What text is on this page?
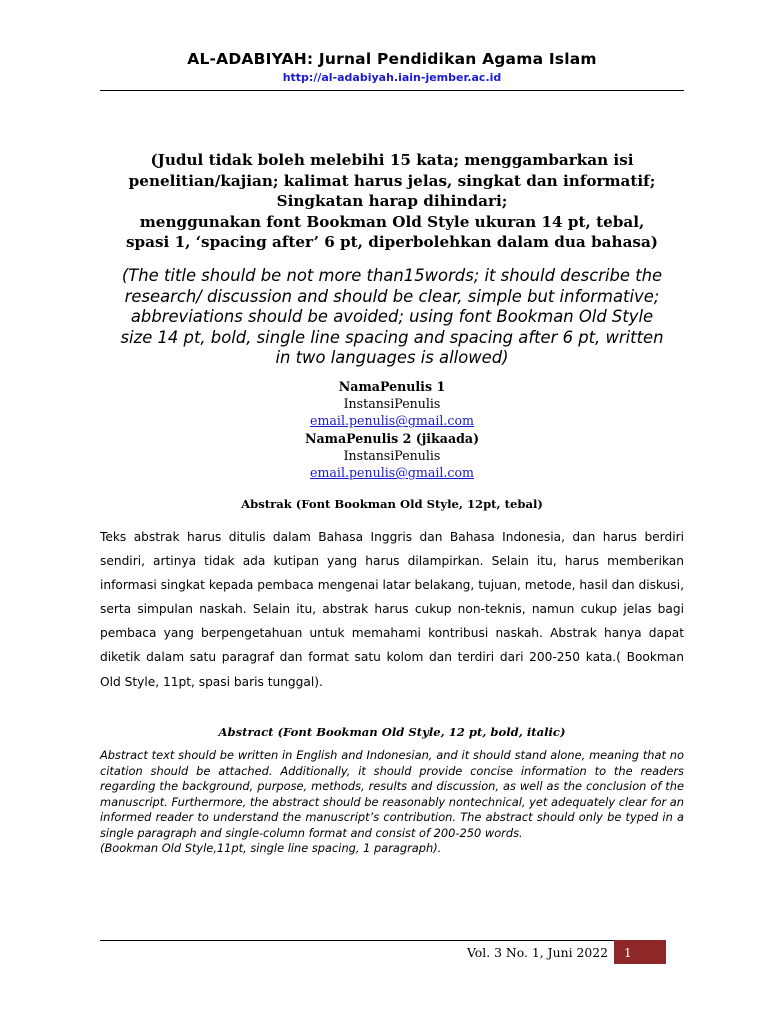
AL-ADABIYAH: Jurnal Pendidikan Agama Islam
http://al-adabiyah.iain-jember.ac.id
(Judul tidak boleh melebihi 15 kata; menggambarkan isi
penelitian/kajian; kalimat harus jelas, singkat dan informatif;
Singkatan harap dihindari;
menggunakan font Bookman Old Style ukuran 14 pt, tebal,
spasi 1, ‘spacing after’ 6 pt, diperbolehkan dalam dua bahasa)
(The title should be not more than15words; it should describe the
research/ discussion and should be clear, simple but informative;
abbreviations should be avoided; using font Bookman Old Style
size 14 pt, bold, single line spacing and spacing after 6 pt, written
in two languages is allowed)
NamaPenulis 1
InstansiPenulis
email.penulis@gmail.com
NamaPenulis 2 (jikaada)
InstansiPenulis
email.penulis@gmail.com
Abstrak (Font Bookman Old Style, 12pt, tebal)
Teks abstrak harus ditulis dalam Bahasa Inggris dan Bahasa Indonesia, dan harus berdiri sendiri, artinya tidak ada kutipan yang harus dilampirkan. Selain itu, harus memberikan informasi singkat kepada pembaca mengenai latar belakang, tujuan, metode, hasil dan diskusi, serta simpulan naskah. Selain itu, abstrak harus cukup non-teknis, namun cukup jelas bagi pembaca yang berpengetahuan untuk memahami kontribusi naskah. Abstrak hanya dapat diketik dalam satu paragraf dan format satu kolom dan terdiri dari 200-250 kata.( Bookman Old Style, 11pt, spasi baris tunggal).
Abstract (Font Bookman Old Style, 12 pt, bold, italic)
Abstract text should be written in English and Indonesian, and it should stand alone, meaning that no citation should be attached. Additionally, it should provide concise information to the readers regarding the background, purpose, methods, results and discussion, as well as the conclusion of the manuscript. Furthermore, the abstract should be reasonably nontechnical, yet adequately clear for an informed reader to understand the manuscript’s contribution. The abstract should only be typed in a single paragraph and single-column format and consist of 200-250 words.
(Bookman Old Style,11pt, single line spacing, 1 paragraph).
Vol. 3 No. 1, Juni 2022	1
